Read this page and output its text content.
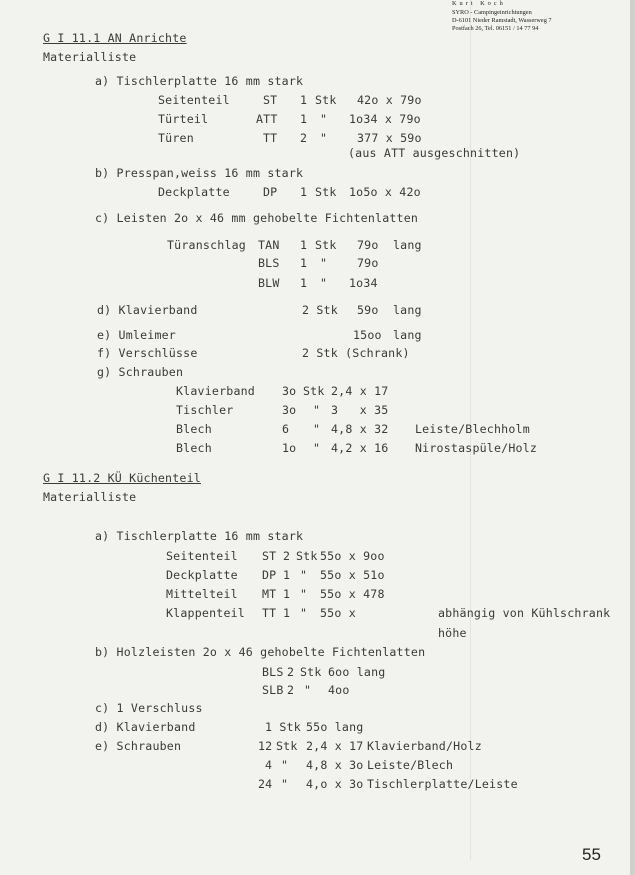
Kurt Koch
SYRO - Campingeinrichtungen
D-6101 Nieder Ramstadt, Wasserweg 7
Postfach 26, Tel. 06151 / 14 77 94
G I 11.1 AN Anrichte
Materialliste
a) Tischlerplatte 16 mm stark
Seitenteil	ST 1 Stk 42o x 79o
Türteil	ATT 1 " 1o34 x 79o
Türen	TT 2 "	377 x 59o
(aus ATT ausgeschnitten)
b) Presspan,weiss 16 mm stark
Deckplatte	DP 1 Stk 1o5o x 42o
c) Leisten 2o x 46 mm gehobelte Fichtenlatten
Türanschlag TAN 1 Stk 79o lang
BLS 1 "	79o
BLW 1 " 1o34
d) Klavierband	2 Stk 59o lang
e) Umleimer	15oo lang
f) Verschlüsse	2 Stk (Schrank)
g) Schrauben
Klavierband 3o Stk 2,4 x 17
Tischler	3o " 3   x 35
Blech	6 " 4,8 x 32 Leiste/Blechholm
Blech	1o " 4,2 x 16 Nirostaspüle/Holz
G I 11.2 KÜ Küchenteil
Materialliste
a) Tischlerplatte 16 mm stark
Seitenteil ST 2 Stk 55o x 9oo
Deckplatte DP 1 " 55o x 51o
Mittelteil MT 1 " 55o x 478
Klappenteil TT 1 " 55o x	abhängig von Kühlschrank
höhe
b) Holzleisten 2o x 46 gehobelte Fichtenlatten
BLS 2 Stk 6oo lang
SLB 2 " 4oo
c) 1 Verschluss
d) Klavierband	1 Stk 55o lang
e) Schrauben	12 Stk 2,4 x 17 Klavierband/Holz
4 " 4,8 x 3o Leiste/Blech
24 " 4,o x 3o Tischlerplatte/Leiste
55
